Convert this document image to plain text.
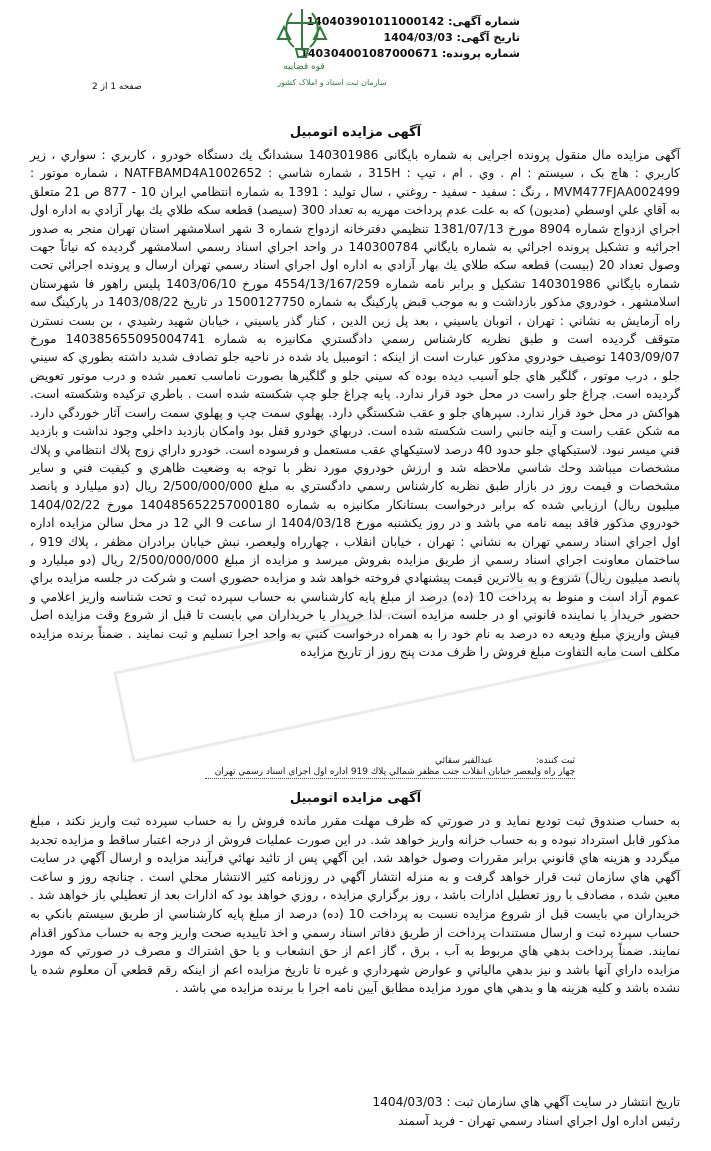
شماره آگهی: 140403901011000142
تاریخ آگهی: 1404/03/03
شماره پرونده: 140304001087000671
قوه قضاییه
سازمان ثبت اسناد و املاک کشور
صفحه 1 از 2
آگهی مزایده اتومبیل
آگهی مزایده مال منقول پرونده اجرایی به شماره بایگانی 140301986 سشدانگ یك دستگاه خودرو ، کاربري : سواري ، زير كاربري : هاچ بک ، سیستم : ام . وي . ام ، تیپ : 315H ، شماره شاسي : NATFBAMD4A1002652 ، شماره موتور : MVM477FJAA002499 ، رنگ : سفید - سفید - روغني ، سال تولید : 1391 به شماره انتظامي ايران 10 - 877 ص 21 متعلق به آقاي علي اوسطي (مديون) كه به علت عدم پرداخت مهريه به تعداد 300 (سيصد) قطعه سكه طلاي يك بهار آزادي به اداره اول اجراي ازدواج شماره 8904 مورخ 1381/07/13 تنظيمي دفترخانه ازدواج شماره 3 شهر اسلامشهر استان تهران منجر به صدور اجرائيه و تشكيل پرونده اجرائي به شماره بايگاني 140300784 در واحد اجراي اسناد رسمي اسلامشهر گرديده كه نياتاً جهت وصول تعداد 20 (بيست) قطعه سكه طلاي يك بهار آزادي به اداره اول اجراي اسناد رسمي تهران ارسال و پرونده اجرائي تحت شماره بايگاني 140301986 تشكيل و برابر نامه شماره 4554/13/167/259 مورخ 1403/06/10 پليس راهور فا شهرستان اسلامشهر ، خودروي مذكور بازداشت و به موجب قبض پاركينگ به شماره 1500127750 در تاريخ 1403/08/22 در پاركينگ سه راه آزمايش به نشاني : تهران ، اتوبان ياسيني ، بعد پل زين الدين ، كنار گذر ياسيني ، خيابان شهيد رشيدي ، بن بست نسترن متوقف گرديده است و طبق نظريه كارشناس رسمي دادگستري مكانيزه به شماره 140385655095004741 مورخ 1403/09/07 توصيف خودروي مذكور عبارت است از اينكه : اتومبيل ياد شده در ناحيه جلو تصادف شديد داشته بطوري كه سيني جلو ، درب موتور ، گلگير هاي جلو آسيب ديده بوده كه سيني جلو و گلگيرها بصورت ناماسب تعمير شده و درب موتور تعويض گرديده است. چراغ جلو راست در محل خود قرار ندارد. پايه چراغ جلو چپ شكسته شده است . باطري تركيده وشكسته است. هواكش در محل خود قرار ندارد. سپرهاي جلو و عقب شكستگي دارد. پهلوي سمت چپ و پهلوي سمت راست آثار خوردگي دارد. مه شكن عقب راست و آينه جانبي راست شكسته شده است. دربهاي خودرو قفل بود وامكان بازديد داخلي وجود نداشت و بازديد فني ميسر نبود. لاستيكهاي جلو حدود 40 درصد لاستيكهاي عقب مستعمل و فرسوده است. خودرو داراي زوج پلاك انتظامي و پلاك مشخصات ميباشد وحك شاسي ملاحظه شد و ارزش خودروي مورد نظر با توجه به وضعيت ظاهري و كيفيت فني و ساير مشخصات و قيمت روز در بازار طبق نظريه كارشناس رسمي دادگستري به مبلغ 2/500/000/000 ريال (دو ميليارد و پانصد ميليون ريال) ارزيابي شده كه برابر درخواست بستانكار مكانيزه به شماره 140485652257000180 مورخ 1404/02/22 خودروي مذكور فاقد بيمه نامه مي باشد و در روز يكشنبه مورخ 1404/03/18 از ساعت 9 الي 12 در محل سالن مزايده اداره اول اجراي اسناد رسمي تهران به نشاني : تهران ، خيابان انقلاب ، چهارراه وليعصر، نبش خيابان برادران مظفر ، پلاك 919 ، ساختمان معاونت اجراي اسناد رسمي از طريق مزايده بفروش ميرسد و مزايده از مبلغ 2/500/000/000 ريال (دو ميليارد و پانصد ميليون ريال) شروع و به بالاترين قيمت پيشنهادي فروخته خواهد شد و مزايده حضوري است و شركت در جلسه مزايده براي عموم آزاد است و منوط به پرداخت 10 (ده) درصد از مبلغ پايه كارشناسي به حساب سپرده ثبت و تحت شناسه واريز اعلامي و حضور خريدار يا نماينده قانوني او در جلسه مزايده است. لذا خريدار يا خريداران مي بايست تا قبل از شروع وقت مزايده اصل فيش واريزي مبلغ وديعه ده درصد به نام خود را به همراه درخواست كتبي به واحد اجرا تسليم و ثبت نمايند . ضمناً برنده مزايده مكلف است مابه التفاوت مبلغ فروش را ظرف مدت پنج روز از تاريخ مزايده
ثبت كننده: عبدالقير سقائي
چهار راه وليعصر خيابان انقلاب جنب مظفر شمالي پلاك 919 اداره اول اجراي اسناد رسمي تهران
آگهی مزایده اتومبیل
به حساب صندوق ثبت توديع نمايد و در صورتي كه ظرف مهلت مقرر مانده فروش را به حساب سپرده ثبت واريز نكند ، مبلغ مذكور قابل استرداد نبوده و به حساب خزانه واريز خواهد شد. در اين صورت عمليات فروش از درجه اعتبار ساقط و مزايده تجديد ميگردد و هزينه هاي قانوني برابر مقررات وصول خواهد شد. اين آگهي پس از تائيد نهائي فرآيند مزايده و ارسال آگهي در سايت آگهي هاي سازمان ثبت قرار خواهد گرفت و به منزله انتشار آگهي در روزنامه كثير الانتشار محلي است . چنانچه روز و ساعت معين شده ، مصادف با روز تعطيل ادارات باشد ، روز برگزاري مزايده ، روزي خواهد بود كه ادارات بعد از تعطيلي باز خواهد شد . خريداران مي بايست قبل از شروع مزايده نسبت به پرداخت 10 (ده) درصد از مبلغ پايه كارشناسي از طريق سيستم بانكي به حساب سپرده ثبت و ارسال مستندات پرداخت از طريق دفاتر اسناد رسمي و اخذ تاييديه صحت واريز وجه به حساب مذكور اقدام نمايند. ضمناً پرداخت بدهي هاي مربوط به آب ، برق ، گاز اعم از حق انشعاب و يا حق اشتراك و مصرف در صورتي كه مورد مزايده داراي آنها باشد و نيز بدهي مالياتي و عوارض شهرداري و غيره تا تاريخ مزايده اعم از اينكه رقم قطعي آن معلوم شده يا نشده باشد و كليه هزينه ها و بدهي هاي مورد مزايده مطابق آيين نامه اجرا با برنده مزايده مي باشد .
تاريخ انتشار در سايت آگهي هاي سازمان ثبت : 1404/03/03
رئيس اداره اول اجراي اسناد رسمي تهران - فريد آسمند
